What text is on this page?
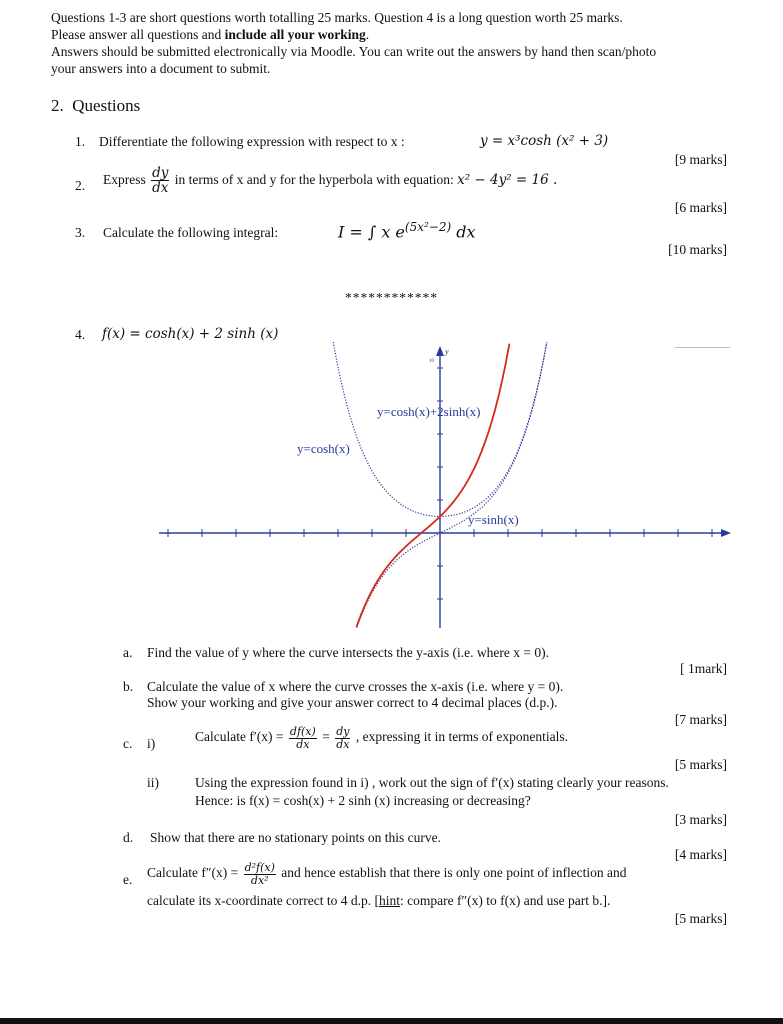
Questions 1-3 are short questions worth totalling 25 marks. Question 4 is a long question worth 25 marks.
Please answer all questions and include all your working.
Answers should be submitted electronically via Moodle. You can write out the answers by hand then scan/photo
your answers into a document to submit.
2. Questions
1. Differentiate the following expression with respect to x :	y = x³cosh (x² + 3)
[9 marks]
2. Express $\frac{dy}{dx}$ in terms of x and y for the hyperbola with equation: x² − 4y² = 16 .
[6 marks]
3. Calculate the following integral:	I = ∫ x $e^{(5x^2-2)}$ dx
[10 marks]
************
4. f(x) = cosh(x) + 2 sinh (x)
y
10
y=cosh(x)+2sinh(x)
y=cosh(x)
y=sinh(x)
a. Find the value of y where the curve intersects the y-axis (i.e. where x = 0).
[ 1mark]
b. Calculate the value of x where the curve crosses the x-axis (i.e. where y = 0).
Show your working and give your answer correct to 4 decimal places (d.p.).
[7 marks]
c. i)	Calculate $f'(x) = \frac{df(x)}{dx} = \frac{dy}{dx}$ , expressing it in terms of exponentials.
[5 marks]
ii)	Using the expression found in i) , work out the sign of f′(x) stating clearly your reasons.
Hence: is f(x) = cosh(x) + 2 sinh (x) increasing or decreasing?
[3 marks]
d. Show that there are no stationary points on this curve.
[4 marks]
e. Calculate $f''(x) = \frac{\text{d²f(x)}}{\text{dx²}}$ and hence establish that there is only one point of inflection and
calculate its x-coordinate correct to 4 d.p. [hint: compare f″(x) to f(x) and use part b.].
[5 marks]
